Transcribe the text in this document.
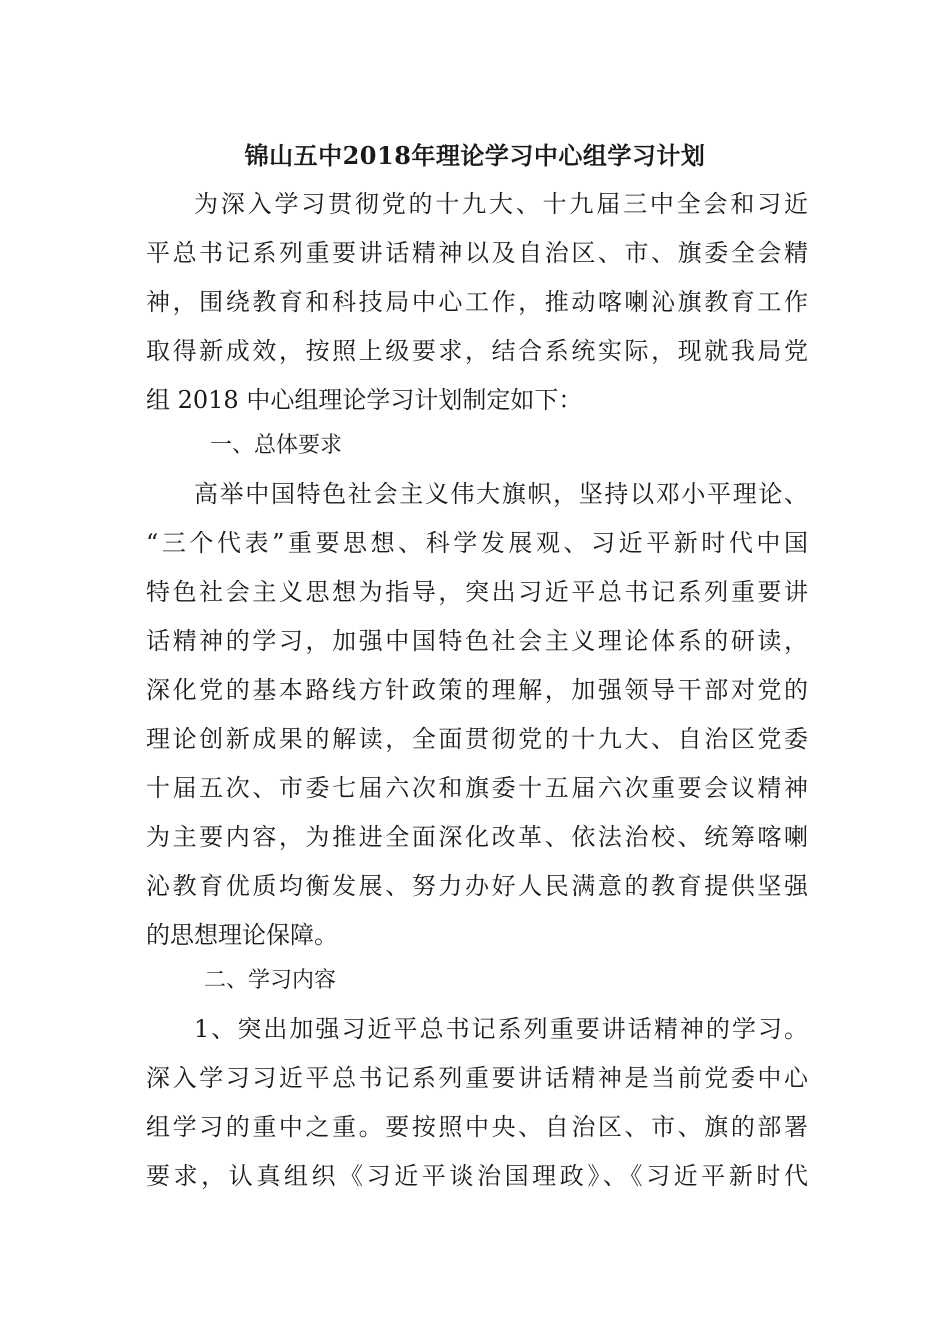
锦山五中2018年理论学习中心组学习计划
为深入学习贯彻党的十九大、十九届三中全会和习近
平总书记系列重要讲话精神以及自治区、市、旗委全会精
神，围绕教育和科技局中心工作，推动喀喇沁旗教育工作
取得新成效，按照上级要求，结合系统实际，现就我局党
组 2018 中心组理论学习计划制定如下：
一、总体要求
高举中国特色社会主义伟大旗帜，坚持以邓小平理论、
“三个代表”重要思想、科学发展观、习近平新时代中国
特色社会主义思想为指导，突出习近平总书记系列重要讲
话精神的学习，加强中国特色社会主义理论体系的研读，
深化党的基本路线方针政策的理解，加强领导干部对党的
理论创新成果的解读，全面贯彻党的十九大、自治区党委
十届五次、市委七届六次和旗委十五届六次重要会议精神
为主要内容，为推进全面深化改革、依法治校、统筹喀喇
沁教育优质均衡发展、努力办好人民满意的教育提供坚强
的思想理论保障。
二、学习内容
1、突出加强习近平总书记系列重要讲话精神的学习。
深入学习习近平总书记系列重要讲话精神是当前党委中心
组学习的重中之重。要按照中央、自治区、市、旗的部署
要求，认真组织《习近平谈治国理政》、《习近平新时代
